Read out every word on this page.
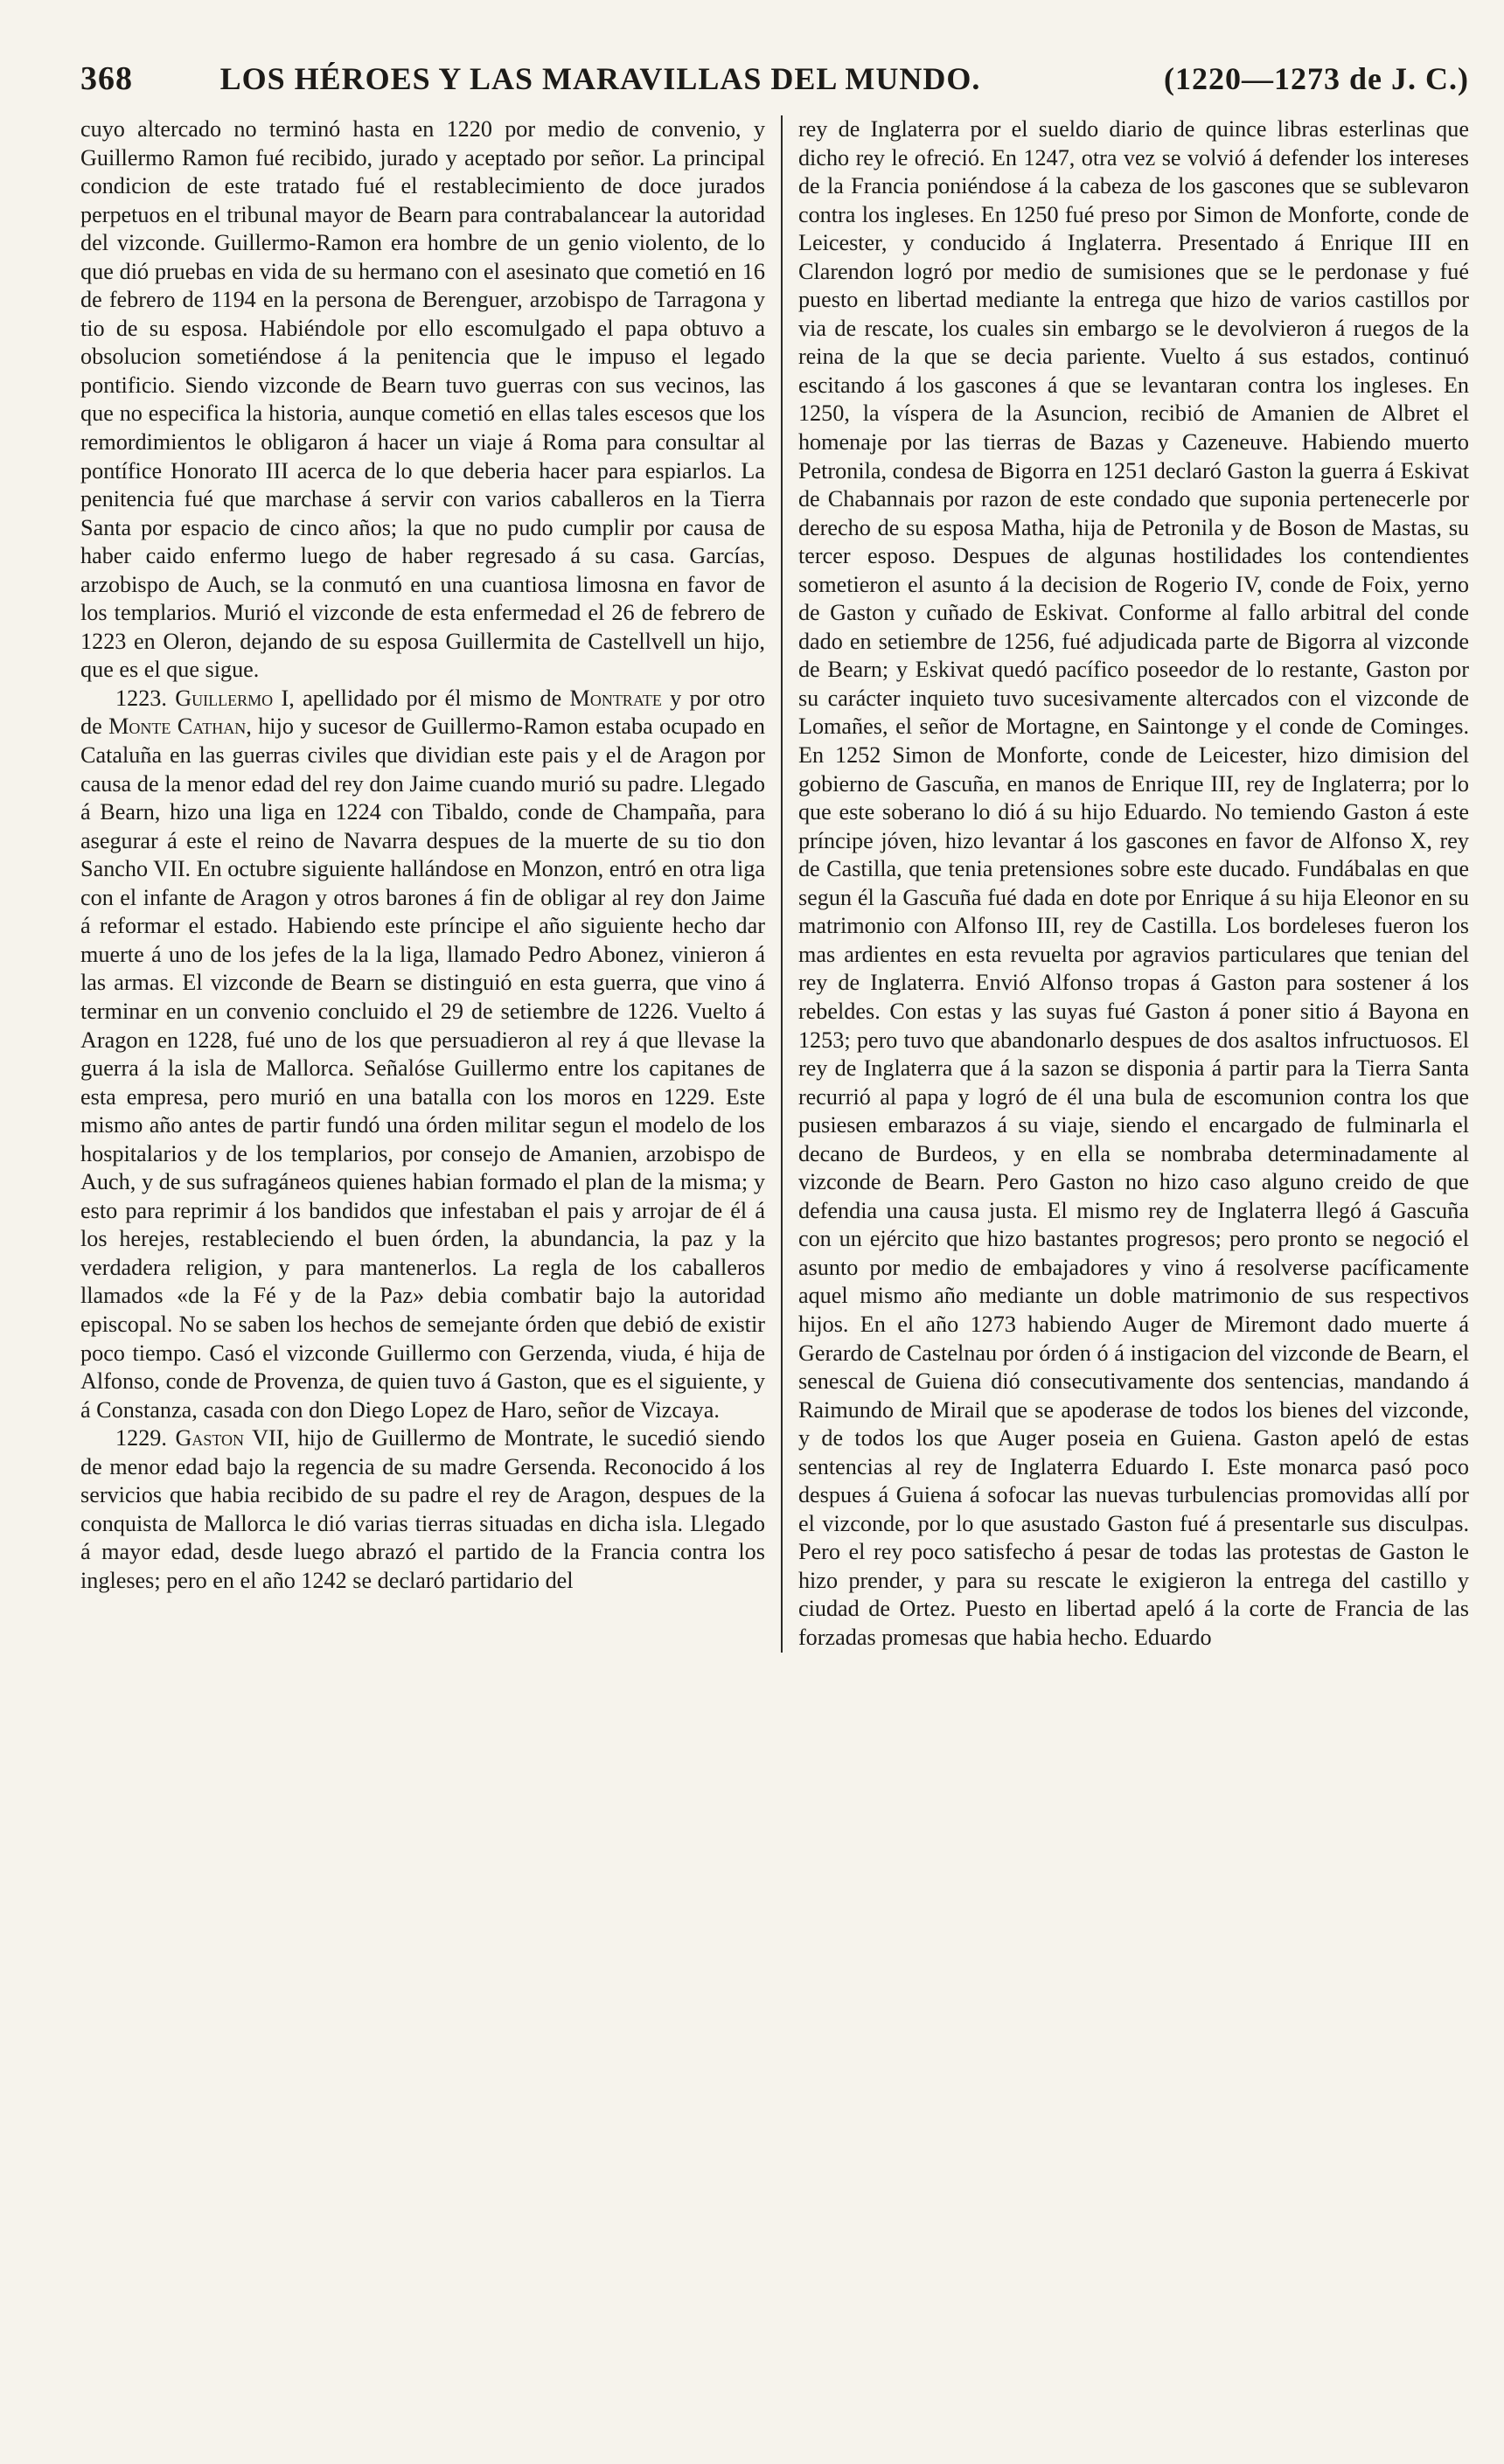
368	LOS HÉROES Y LAS MARAVILLAS DEL MUNDO.	(1220—1273 de J. C.)

cuyo altercado no terminó hasta en 1220 por medio de convenio, y Guillermo Ramon fué recibido, jurado y aceptado por señor. La principal condicion de este tratado fué el restablecimiento de doce jurados perpetuos en el tribunal mayor de Bearn para contrabalancear la autoridad del vizconde. Guillermo-Ramon era hombre de un genio violento, de lo que dió pruebas en vida de su hermano con el asesinato que cometió en 16 de febrero de 1194 en la persona de Berenguer, arzobispo de Tarragona y tio de su esposa. Habiéndole por ello escomulgado el papa obtuvo a obsolucion sometiéndose á la penitencia que le impuso el legado pontificio. Siendo vizconde de Bearn tuvo guerras con sus vecinos, las que no especifica la historia, aunque cometió en ellas tales escesos que los remordimientos le obligaron á hacer un viaje á Roma para consultar al pontífice Honorato III acerca de lo que deberia hacer para espiarlos. La penitencia fué que marchase á servir con varios caballeros en la Tierra Santa por espacio de cinco años; la que no pudo cumplir por causa de haber caido enfermo luego de haber regresado á su casa. Garcías, arzobispo de Auch, se la conmutó en una cuantiosa limosna en favor de los templarios. Murió el vizconde de esta enfermedad el 26 de febrero de 1223 en Oleron, dejando de su esposa Guillermita de Castellvell un hijo, que es el que sigue.

1223. Guillermo I, apellidado por él mismo de Montrate y por otro de Monte Cathan, hijo y sucesor de Guillermo-Ramon estaba ocupado en Cataluña en las guerras civiles que dividian este pais y el de Aragon por causa de la menor edad del rey don Jaime cuando murió su padre. Llegado á Bearn, hizo una liga en 1224 con Tibaldo, conde de Champaña, para asegurar á este el reino de Navarra despues de la muerte de su tio don Sancho VII. En octubre siguiente hallándose en Monzon, entró en otra liga con el infante de Aragon y otros barones á fin de obligar al rey don Jaime á reformar el estado. Habiendo este príncipe el año siguiente hecho dar muerte á uno de los jefes de la la liga, llamado Pedro Abonez, vinieron á las armas. El vizconde de Bearn se distinguió en esta guerra, que vino á terminar en un convenio concluido el 29 de setiembre de 1226. Vuelto á Aragon en 1228, fué uno de los que persuadieron al rey á que llevase la guerra á la isla de Mallorca. Señalóse Guillermo entre los capitanes de esta empresa, pero murió en una batalla con los moros en 1229. Este mismo año antes de partir fundó una órden militar segun el modelo de los hospitalarios y de los templarios, por consejo de Amanien, arzobispo de Auch, y de sus sufragáneos quienes habian formado el plan de la misma; y esto para reprimir á los bandidos que infestaban el pais y arrojar de él á los herejes, restableciendo el buen órden, la abundancia, la paz y la verdadera religion, y para mantenerlos. La regla de los caballeros llamados «de la Fé y de la Paz» debia combatir bajo la autoridad episcopal. No se saben los hechos de semejante órden que debió de existir poco tiempo. Casó el vizconde Guillermo con Gerzenda, viuda, é hija de Alfonso, conde de Provenza, de quien tuvo á Gaston, que es el siguiente, y á Constanza, casada con don Diego Lopez de Haro, señor de Vizcaya.

1229. Gaston VII, hijo de Guillermo de Montrate, le sucedió siendo de menor edad bajo la regencia de su madre Gersenda. Reconocido á los servicios que habia recibido de su padre el rey de Aragon, despues de la conquista de Mallorca le dió varias tierras situadas en dicha isla. Llegado á mayor edad, desde luego abrazó el partido de la Francia contra los ingleses; pero en el año 1242 se declaró partidario del

rey de Inglaterra por el sueldo diario de quince libras esterlinas que dicho rey le ofreció. En 1247, otra vez se volvió á defender los intereses de la Francia poniéndose á la cabeza de los gascones que se sublevaron contra los ingleses. En 1250 fué preso por Simon de Monforte, conde de Leicester, y conducido á Inglaterra. Presentado á Enrique III en Clarendon logró por medio de sumisiones que se le perdonase y fué puesto en libertad mediante la entrega que hizo de varios castillos por via de rescate, los cuales sin embargo se le devolvieron á ruegos de la reina de la que se decia pariente. Vuelto á sus estados, continuó escitando á los gascones á que se levantaran contra los ingleses. En 1250, la víspera de la Asuncion, recibió de Amanien de Albret el homenaje por las tierras de Bazas y Cazeneuve. Habiendo muerto Petronila, condesa de Bigorra en 1251 declaró Gaston la guerra á Eskivat de Chabannais por razon de este condado que suponia pertenecerle por derecho de su esposa Matha, hija de Petronila y de Boson de Mastas, su tercer esposo. Despues de algunas hostilidades los contendientes sometieron el asunto á la decision de Rogerio IV, conde de Foix, yerno de Gaston y cuñado de Eskivat. Conforme al fallo arbitral del conde dado en setiembre de 1256, fué adjudicada parte de Bigorra al vizconde de Bearn; y Eskivat quedó pacífico poseedor de lo restante, Gaston por su carácter inquieto tuvo sucesivamente altercados con el vizconde de Lomañes, el señor de Mortagne, en Saintonge y el conde de Cominges. En 1252 Simon de Monforte, conde de Leicester, hizo dimision del gobierno de Gascuña, en manos de Enrique III, rey de Inglaterra; por lo que este soberano lo dió á su hijo Eduardo. No temiendo Gaston á este príncipe jóven, hizo levantar á los gascones en favor de Alfonso X, rey de Castilla, que tenia pretensiones sobre este ducado. Fundábalas en que segun él la Gascuña fué dada en dote por Enrique á su hija Eleonor en su matrimonio con Alfonso III, rey de Castilla. Los bordeleses fueron los mas ardientes en esta revuelta por agravios particulares que tenian del rey de Inglaterra. Envió Alfonso tropas á Gaston para sostener á los rebeldes. Con estas y las suyas fué Gaston á poner sitio á Bayona en 1253; pero tuvo que abandonarlo despues de dos asaltos infructuosos. El rey de Inglaterra que á la sazon se disponia á partir para la Tierra Santa recurrió al papa y logró de él una bula de escomunion contra los que pusiesen embarazos á su viaje, siendo el encargado de fulminarla el decano de Burdeos, y en ella se nombraba determinadamente al vizconde de Bearn. Pero Gaston no hizo caso alguno creido de que defendia una causa justa. El mismo rey de Inglaterra llegó á Gascuña con un ejército que hizo bastantes progresos; pero pronto se negoció el asunto por medio de embajadores y vino á resolverse pacíficamente aquel mismo año mediante un doble matrimonio de sus respectivos hijos. En el año 1273 habiendo Auger de Miremont dado muerte á Gerardo de Castelnau por órden ó á instigacion del vizconde de Bearn, el senescal de Guiena dió consecutivamente dos sentencias, mandando á Raimundo de Mirail que se apoderase de todos los bienes del vizconde, y de todos los que Auger poseia en Guiena. Gaston apeló de estas sentencias al rey de Inglaterra Eduardo I. Este monarca pasó poco despues á Guiena á sofocar las nuevas turbulencias promovidas allí por el vizconde, por lo que asustado Gaston fué á presentarle sus disculpas. Pero el rey poco satisfecho á pesar de todas las protestas de Gaston le hizo prender, y para su rescate le exigieron la entrega del castillo y ciudad de Ortez. Puesto en libertad apeló á la corte de Francia de las forzadas promesas que habia hecho. Eduardo
